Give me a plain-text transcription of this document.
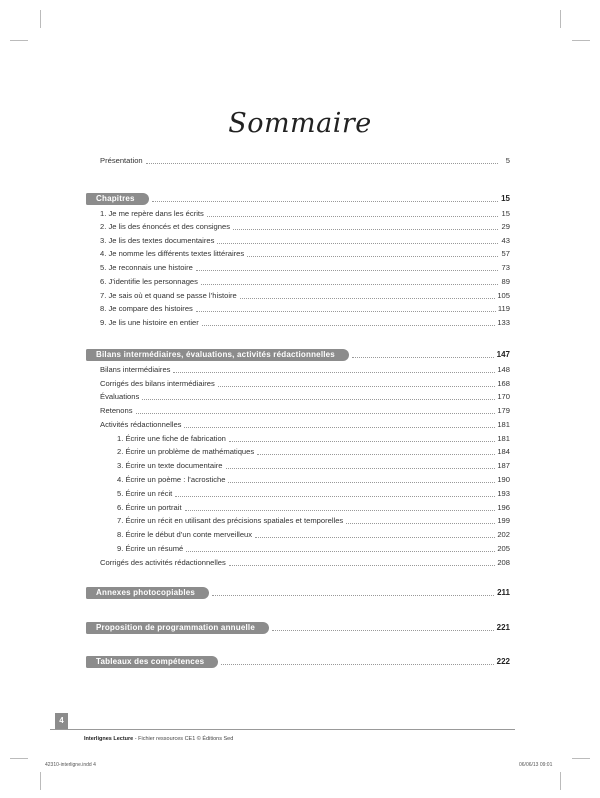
Sommaire
Présentation	5
Chapitres	15
1. Je me repère dans les écrits	15
2. Je lis des énoncés et des consignes	29
3. Je lis des textes documentaires	43
4. Je nomme les différents textes littéraires	57
5. Je reconnais une histoire	73
6. J’identifie les personnages	89
7. Je sais où et quand se passe l’histoire	105
8. Je compare des histoires	119
9. Je lis une histoire en entier	133
Bilans intermédiaires, évaluations, activités rédactionnelles	147
Bilans intermédiaires	148
Corrigés des bilans intermédiaires	168
Évaluations	170
Retenons	179
Activités rédactionnelles	181
1. Écrire une fiche de fabrication	181
2. Écrire un problème de mathématiques	184
3. Écrire un texte documentaire	187
4. Écrire un poème : l’acrostiche	190
5. Écrire un récit	193
6. Écrire un portrait	196
7. Écrire un récit en utilisant des précisions spatiales et temporelles	199
8. Écrire le début d’un conte merveilleux	202
9. Écrire un résumé	205
Corrigés des activités rédactionnelles	208
Annexes photocopiables	211
Proposition de programmation annuelle	221
Tableaux des compétences	222
4
Interlignes Lecture - Fichier ressources CE1 © Éditions Sed
42310-interligne.indd 4	06/06/13 09:01
